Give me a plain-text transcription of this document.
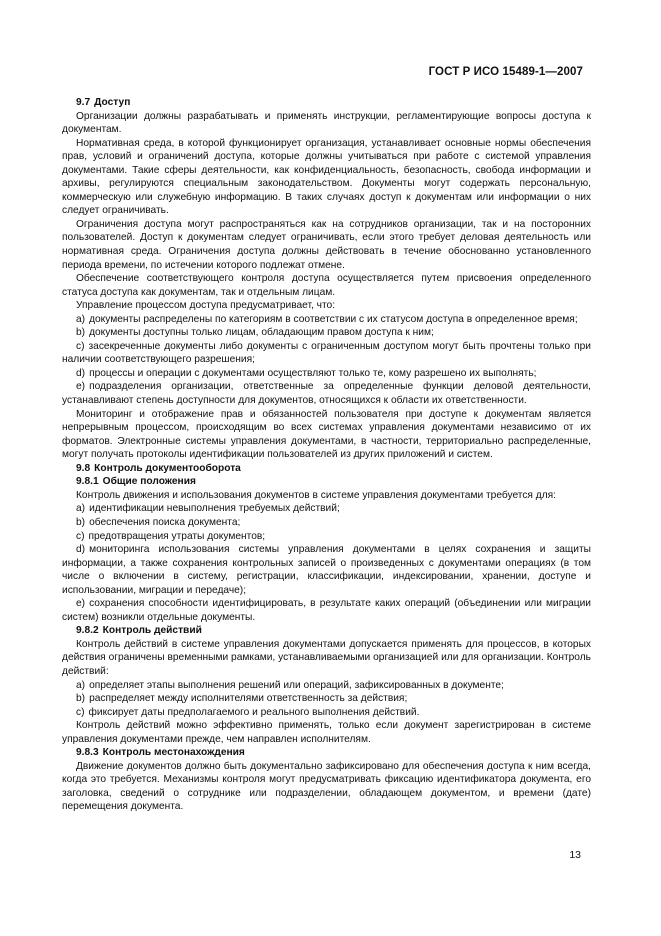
ГОСТ Р ИСО 15489-1—2007

9.7 Доступ

Организации должны разрабатывать и применять инструкции, регламентирующие вопросы доступа к документам.

Нормативная среда, в которой функционирует организация, устанавливает основные нормы обеспечения прав, условий и ограничений доступа, которые должны учитываться при работе с системой управления документами. Такие сферы деятельности, как конфиденциальность, безопасность, свобода информации и архивы, регулируются специальным законодательством. Документы могут содержать персональную, коммерческую или служебную информацию. В таких случаях доступ к документам или информации о них следует ограничивать.

Ограничения доступа могут распространяться как на сотрудников организации, так и на посторонних пользователей. Доступ к документам следует ограничивать, если этого требует деловая деятельность или нормативная среда. Ограничения доступа должны действовать в течение обоснованно установленного периода времени, по истечении которого подлежат отмене.

Обеспечение соответствующего контроля доступа осуществляется путем присвоения определенного статуса доступа как документам, так и отдельным лицам.

Управление процессом доступа предусматривает, что:

a) документы распределены по категориям в соответствии с их статусом доступа в определенное время;

b) документы доступны только лицам, обладающим правом доступа к ним;

c) засекреченные документы либо документы с ограниченным доступом могут быть прочтены только при наличии соответствующего разрешения;

d) процессы и операции с документами осуществляют только те, кому разрешено их выполнять;

e) подразделения организации, ответственные за определенные функции деловой деятельности, устанавливают степень доступности для документов, относящихся к области их ответственности.

Мониторинг и отображение прав и обязанностей пользователя при доступе к документам является непрерывным процессом, происходящим во всех системах управления документами независимо от их форматов. Электронные системы управления документами, в частности, территориально распределенные, могут получать протоколы идентификации пользователей из других приложений и систем.

9.8 Контроль документооборота

9.8.1 Общие положения

Контроль движения и использования документов в системе управления документами требуется для:

a) идентификации невыполнения требуемых действий;

b) обеспечения поиска документа;

c) предотвращения утраты документов;

d) мониторинга использования системы управления документами в целях сохранения и защиты информации, а также сохранения контрольных записей о произведенных с документами операциях (в том числе о включении в систему, регистрации, классификации, индексировании, хранении, доступе и использовании, миграции и передаче);

e) сохранения способности идентифицировать, в результате каких операций (объединении или миграции систем) возникли отдельные документы.

9.8.2 Контроль действий

Контроль действий в системе управления документами допускается применять для процессов, в которых действия ограничены временными рамками, устанавливаемыми организацией или для организации. Контроль действий:

a) определяет этапы выполнения решений или операций, зафиксированных в документе;

b) распределяет между исполнителями ответственность за действия;

c) фиксирует даты предполагаемого и реального выполнения действий.

Контроль действий можно эффективно применять, только если документ зарегистрирован в системе управления документами прежде, чем направлен исполнителям.

9.8.3 Контроль местонахождения

Движение документов должно быть документально зафиксировано для обеспечения доступа к ним всегда, когда это требуется. Механизмы контроля могут предусматривать фиксацию идентификатора документа, его заголовка, сведений о сотруднике или подразделении, обладающем документом, и времени (дате) перемещения документа.

13
